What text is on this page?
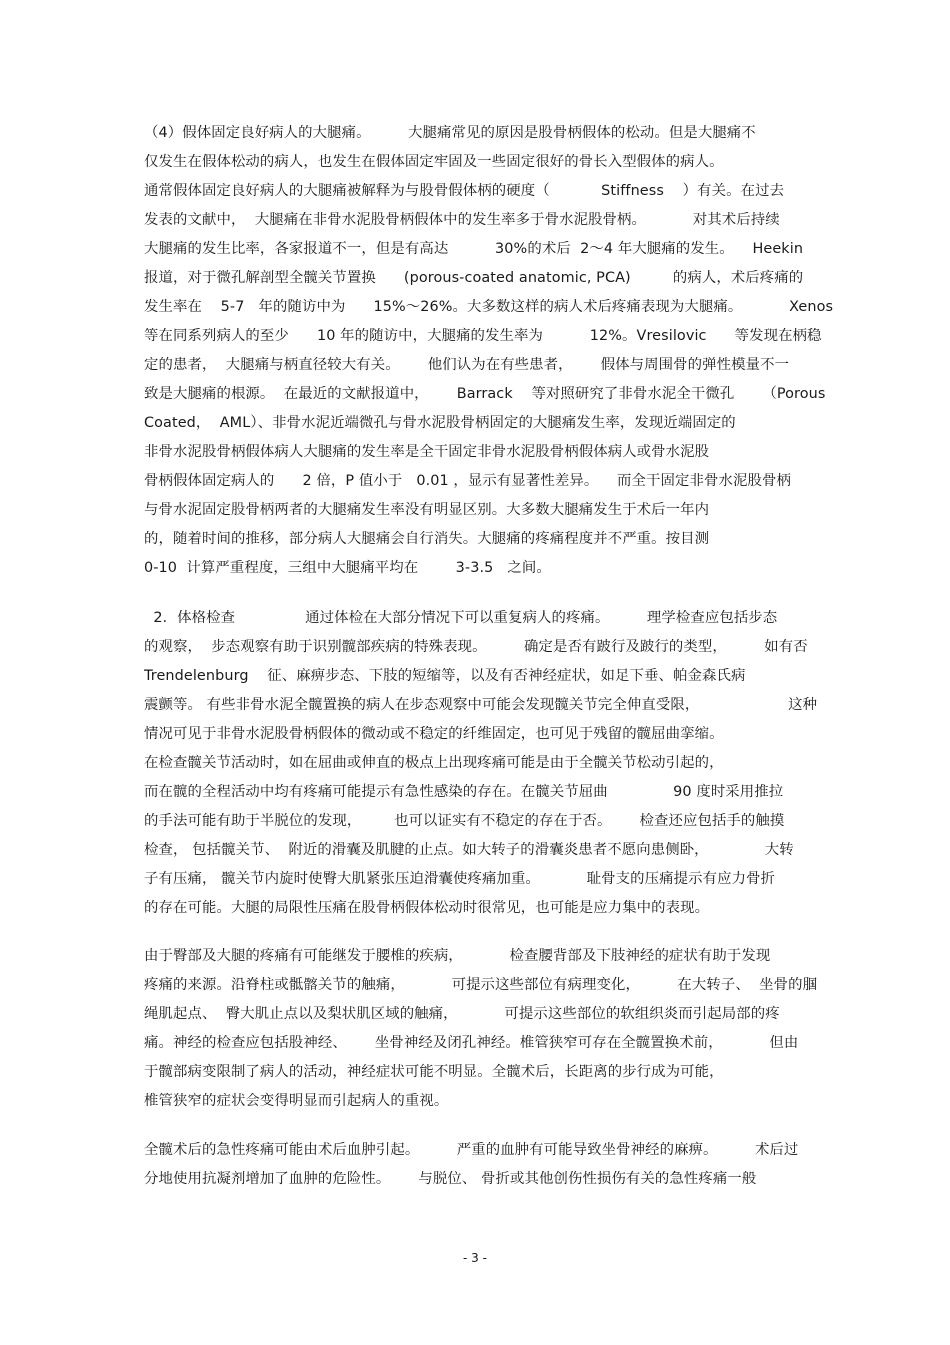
（4）假体固定良好病人的大腿痛。        大腿痛常见的原因是股骨柄假体的松动。但是大腿痛不
仅发生在假体松动的病人，也发生在假体固定牢固及一些固定很好的骨长入型假体的病人。
通常假体固定良好病人的大腿痛被解释为与股骨假体柄的硬度（           Stiffness    ）有关。在过去
发表的文献中，  大腿痛在非骨水泥股骨柄假体中的发生率多于骨水泥股骨柄。          对其术后持续
大腿痛的发生比率，各家报道不一，但是有高达          30%的术后  2～4 年大腿痛的发生。    Heekin
报道，对于微孔解剖型全髋关节置换      (porous-coated anatomic, PCA)         的病人，术后疼痛的
发生率在    5-7   年的随访中为      15%～26%。大多数这样的病人术后疼痛表现为大腿痛。          Xenos
等在同系列病人的至少      10 年的随访中，大腿痛的发生率为          12%。Vresilovic      等发现在柄稳
定的患者，  大腿痛与柄直径较大有关。      他们认为在有些患者，      假体与周围骨的弹性模量不一
致是大腿痛的根源。  在最近的文献报道中，      Barrack    等对照研究了非骨水泥全干微孔      （Porous
Coated，  AML）、非骨水泥近端微孔与骨水泥股骨柄固定的大腿痛发生率，发现近端固定的
非骨水泥股骨柄假体病人大腿痛的发生率是全干固定非骨水泥股骨柄假体病人或骨水泥股
骨柄假体固定病人的      2 倍，P 值小于   0.01 ，显示有显著性差异。    而全干固定非骨水泥股骨柄
与骨水泥固定股骨柄两者的大腿痛发生率没有明显区别。大多数大腿痛发生于术后一年内
的，随着时间的推移，部分病人大腿痛会自行消失。大腿痛的疼痛程度并不严重。按目测
0-10  计算严重程度，三组中大腿痛平均在        3-3.5   之间。
2．体格检查               通过体检在大部分情况下可以重复病人的疼痛。        理学检查应包括步态
的观察，  步态观察有助于识别髋部疾病的特殊表现。        确定是否有跛行及跛行的类型，        如有否
Trendelenburg    征、麻痹步态、下肢的短缩等，以及有否神经症状，如足下垂、帕金森氏病
震颤等。 有些非骨水泥全髋置换的病人在步态观察中可能会发现髋关节完全伸直受限，                   这种
情况可见于非骨水泥股骨柄假体的微动或不稳定的纤维固定，也可见于残留的髋屈曲挛缩。
在检查髋关节活动时，如在屈曲或伸直的极点上出现疼痛可能是由于全髋关节松动引起的，
而在髋的全程活动中均有疼痛可能提示有急性感染的存在。在髋关节屈曲              90 度时采用推拉
的手法可能有助于半脱位的发现，       也可以证实有不稳定的存在于否。      检查还应包括手的触摸
检查， 包括髋关节、  附近的滑囊及肌腱的止点。如大转子的滑囊炎患者不愿向患侧卧，            大转
子有压痛， 髋关节内旋时使臀大肌紧张压迫滑囊使疼痛加重。          耻骨支的压痛提示有应力骨折
的存在可能。大腿的局限性压痛在股骨柄假体松动时很常见，也可能是应力集中的表现。
由于臀部及大腿的疼痛有可能继发于腰椎的疾病，          检查腰背部及下肢神经的症状有助于发现
疼痛的来源。沿脊柱或骶髂关节的触痛，          可提示这些部位有病理变化，        在大转子、  坐骨的腘
绳肌起点、  臀大肌止点以及梨状肌区域的触痛，          可提示这些部位的软组织炎而引起局部的疼
痛。神经的检查应包括股神经、      坐骨神经及闭孔神经。椎管狭窄可存在全髋置换术前，          但由
于髋部病变限制了病人的活动，神经症状可能不明显。全髋术后，长距离的步行成为可能，
椎管狭窄的症状会变得明显而引起病人的重视。
全髋术后的急性疼痛可能由术后血肿引起。        严重的血肿有可能导致坐骨神经的麻痹。        术后过
分地使用抗凝剂增加了血肿的危险性。      与脱位、 骨折或其他创伤性损伤有关的急性疼痛一般
- 3 -
